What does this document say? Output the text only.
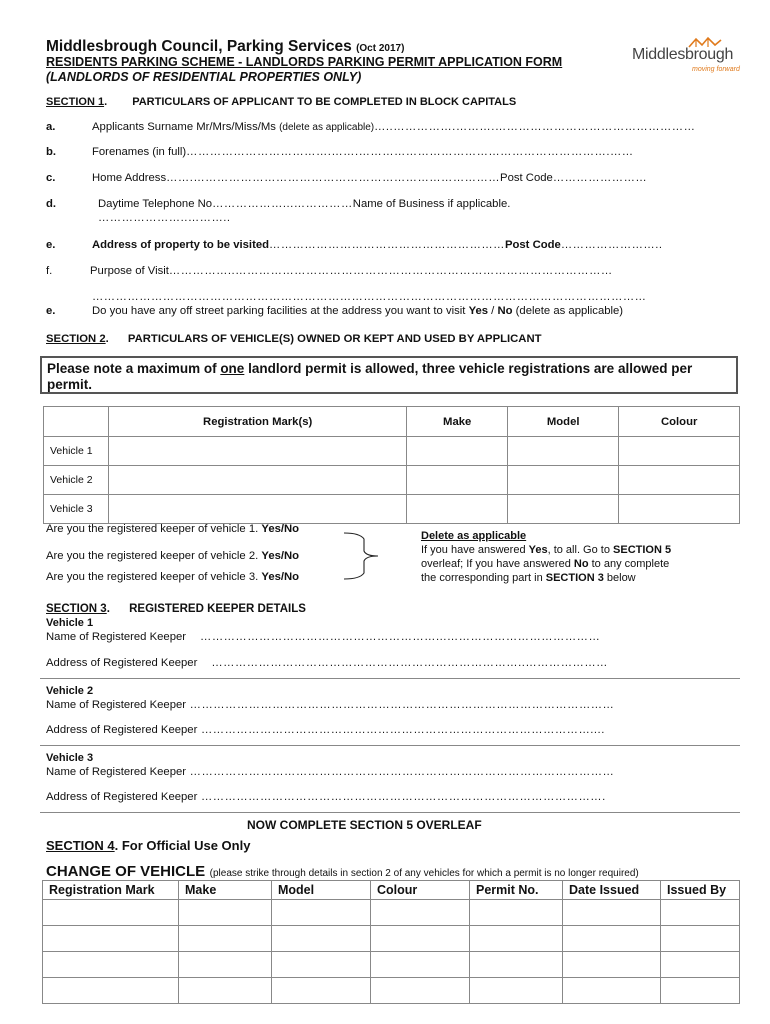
Middlesbrough Council, Parking Services (Oct 2017)
RESIDENTS PARKING SCHEME - LANDLORDS PARKING PERMIT APPLICATION FORM
(LANDLORDS OF RESIDENTIAL PROPERTIES ONLY)
Middlesbrough
moving forward
SECTION 1. PARTICULARS OF APPLICANT TO BE COMPLETED IN BLOCK CAPITALS
a.	Applicants Surname Mr/Mrs/Miss/Ms (delete as applicable)…..…………….……….……………………………………………
b.	Forenames (in full)……………………………….…….……………………………………………………….……
c.	Home Address…….……………………………………………………………………Post Code……………………
d.	Daytime Telephone No………………...……………Name of Business if applicable.
…………………..………..
e.	Address of property to be visited……………………………………………………Post Code……………………..
f.	Purpose of Visit……………..……………………………………………………………………………………
……………………………………………………………………………………………………………………………
e.	Do you have any off street parking facilities at the address you want to visit Yes / No (delete as applicable)
SECTION 2. PARTICULARS OF VEHICLE(S) OWNED OR KEPT AND USED BY APPLICANT
Please note a maximum of one landlord permit is allowed, three vehicle registrations are allowed per permit.
	Registration Mark(s)	Make	Model	Colour
Vehicle 1				
Vehicle 2				
Vehicle 3				
Are you the registered keeper of vehicle 1. Yes/No
Are you the registered keeper of vehicle 2. Yes/No
Are you the registered keeper of vehicle 3. Yes/No
Delete as applicable
If you have answered Yes, to all. Go to SECTION 5
overleaf; If you have answered No to any complete
the corresponding part in SECTION 3 below
SECTION 3. REGISTERED KEEPER DETAILS
Vehicle 1
Name of Registered Keeper ……………………………………………………...…………………………………
Address of Registered Keeper ……………………………………………………………………..…………………
Vehicle 2
Name of Registered Keeper ………………………………………………………………………………………………
Address of Registered Keeper ………………………………………………………………………………………....
Vehicle 3
Name of Registered Keeper ………………………………………………………………………………………………
Address of Registered Keeper ………………………………………………………………………………………….
NOW COMPLETE SECTION 5 OVERLEAF
SECTION 4. For Official Use Only
CHANGE OF VEHICLE (please strike through details in section 2 of any vehicles for which a permit is no longer required)
Registration Mark	Make	Model	Colour	Permit No.	Date Issued	Issued By
